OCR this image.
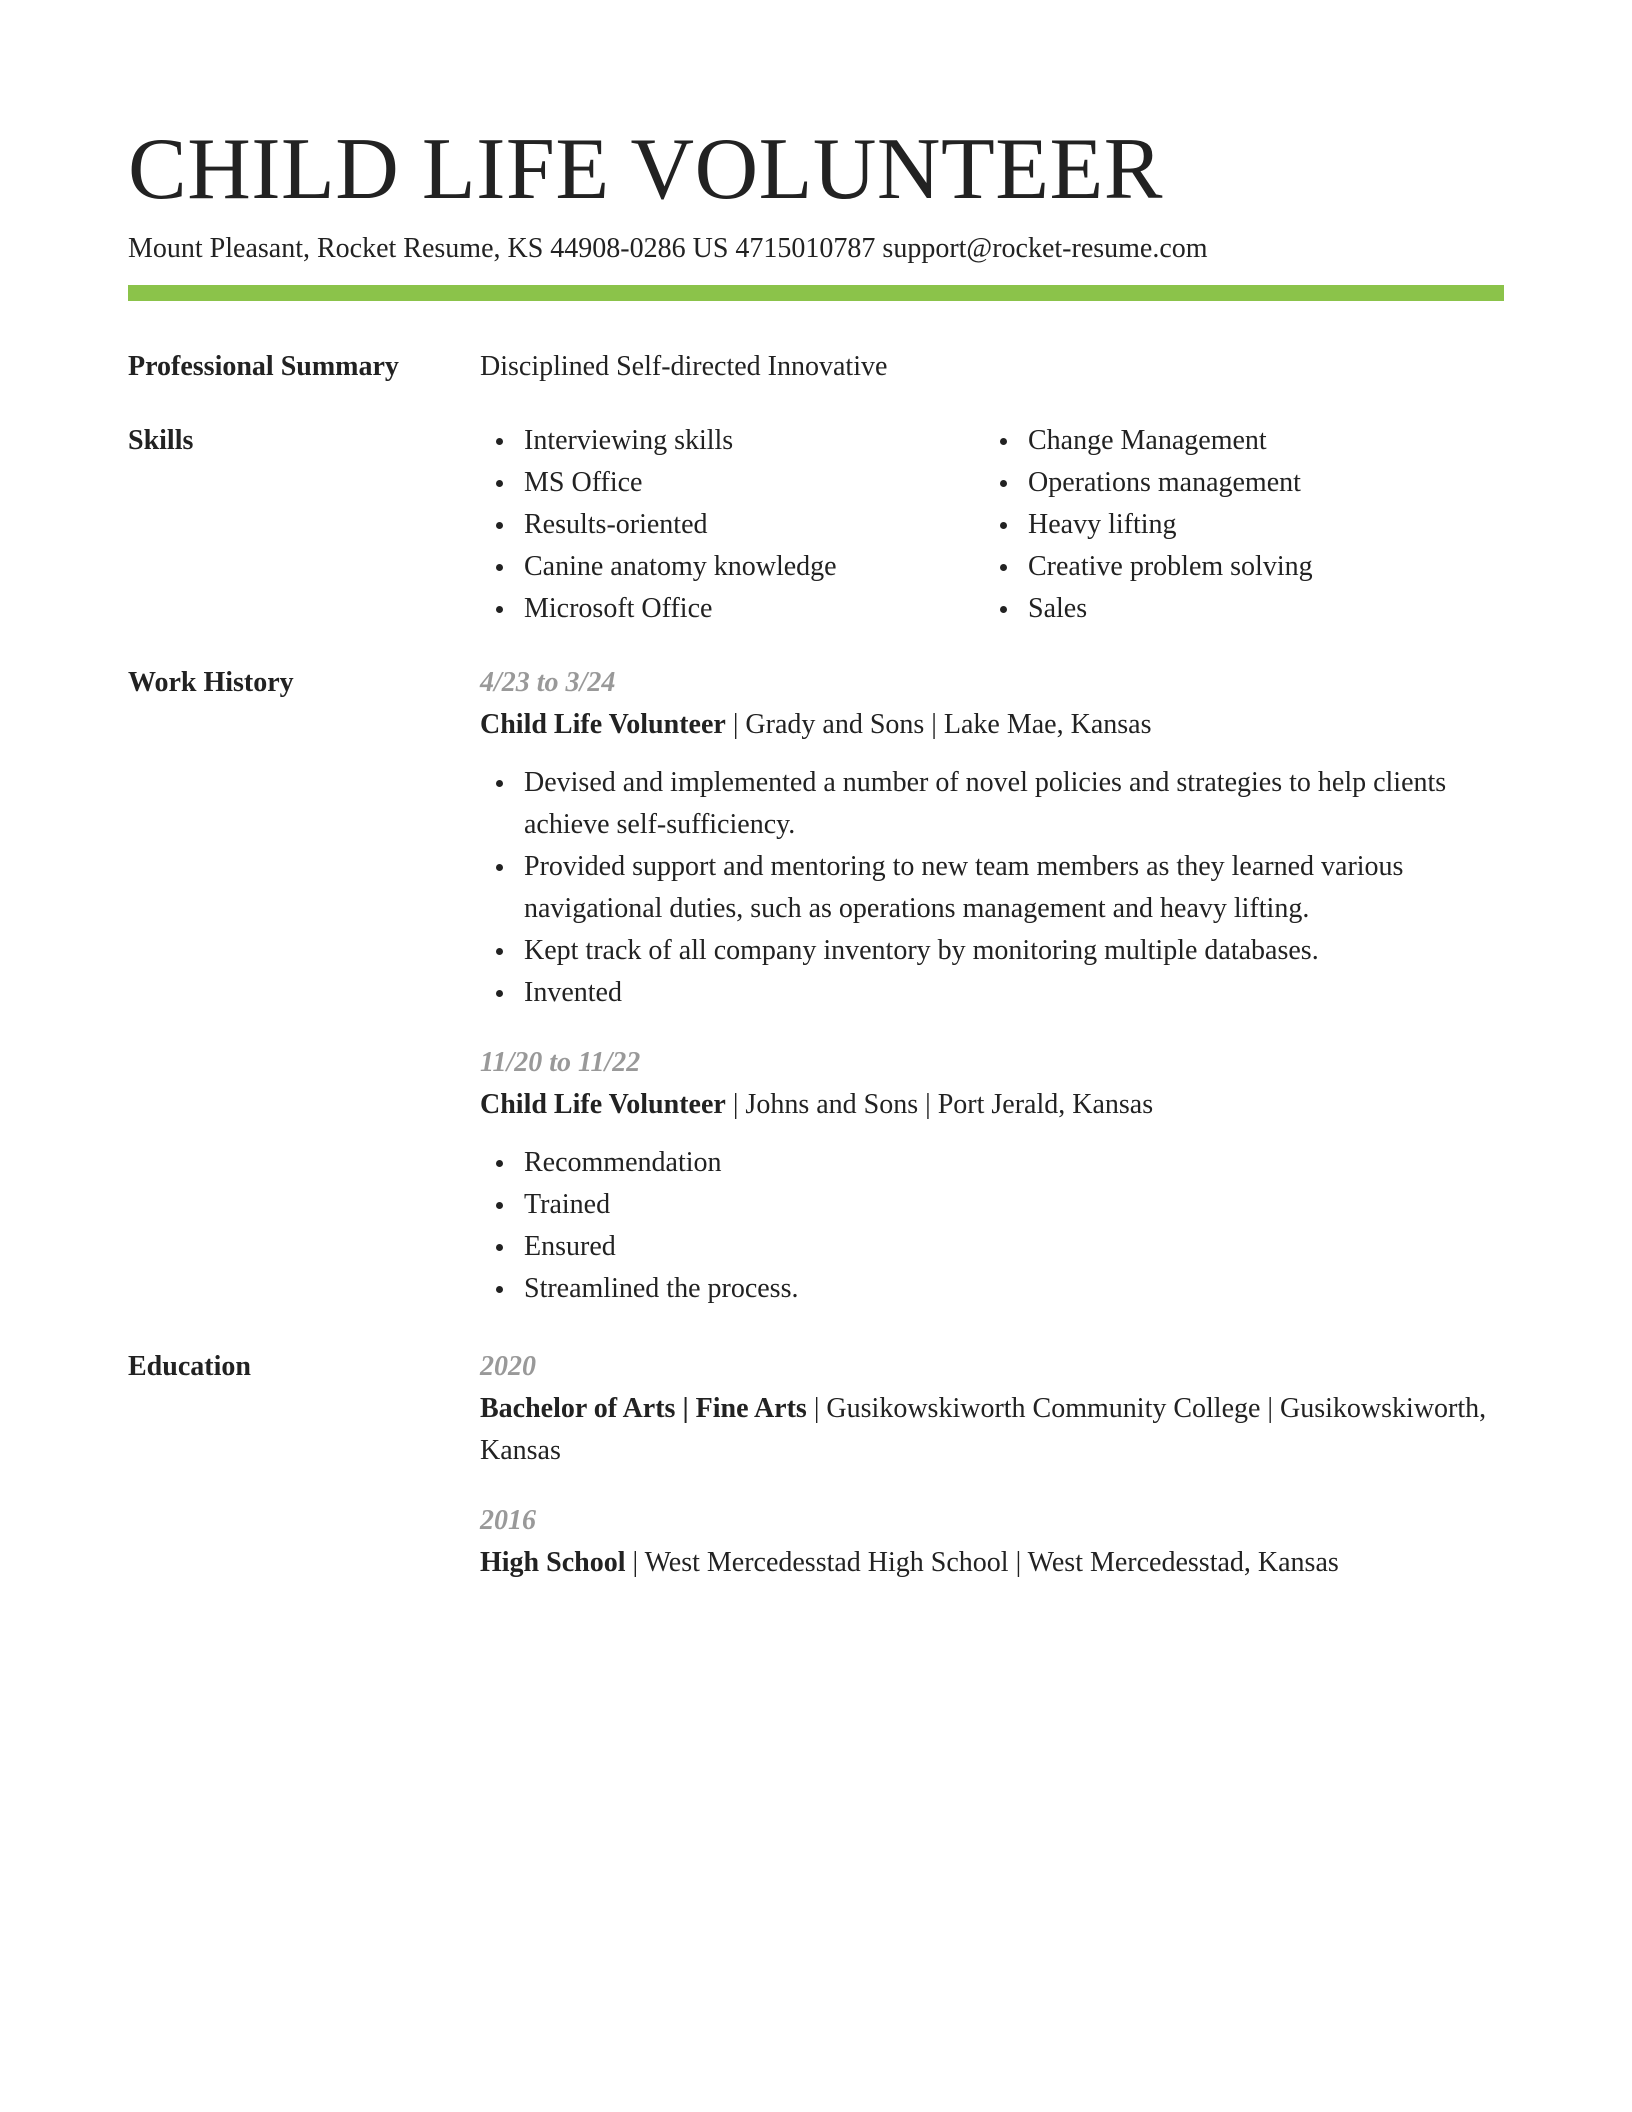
CHILD LIFE VOLUNTEER
Mount Pleasant, Rocket Resume, KS 44908-0286 US 4715010787 support@rocket-resume.com
Professional Summary	Disciplined Self-directed Innovative
Skills	Interviewing skills
MS Office
Results-oriented
Canine anatomy knowledge
Microsoft Office
Change Management
Operations management
Heavy lifting
Creative problem solving
Sales
Work History	4/23 to 3/24
Child Life Volunteer | Grady and Sons | Lake Mae, Kansas
Devised and implemented a number of novel policies and strategies to help clients achieve self-sufficiency.
Provided support and mentoring to new team members as they learned various navigational duties, such as operations management and heavy lifting.
Kept track of all company inventory by monitoring multiple databases.
Invented
11/20 to 11/22
Child Life Volunteer | Johns and Sons | Port Jerald, Kansas
Recommendation
Trained
Ensured
Streamlined the process.
Education	2020
Bachelor of Arts | Fine Arts | Gusikowskiworth Community College | Gusikowskiworth, Kansas
2016
High School | West Mercedesstad High School | West Mercedesstad, Kansas
